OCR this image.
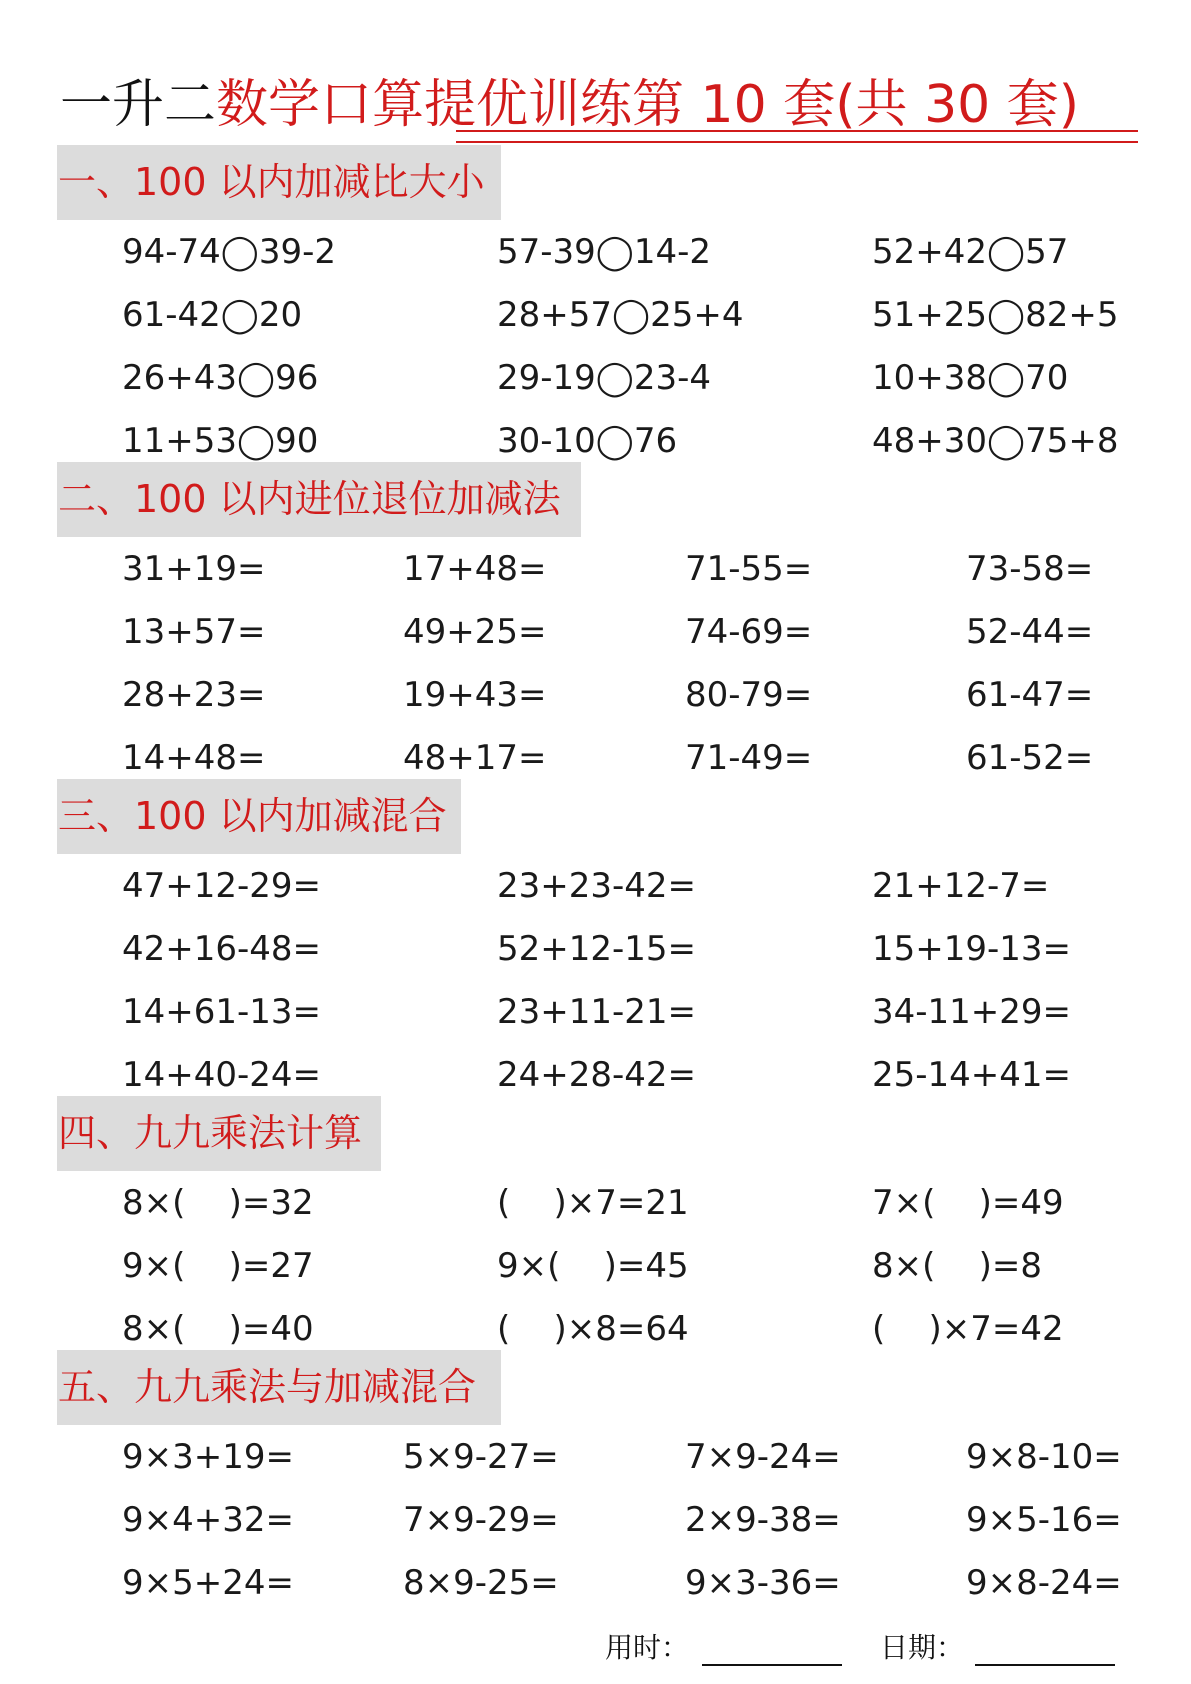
一升二数学口算提优训练第 10 套(共 30 套)
一、100 以内加减比大小
94-74◯39-2	57-39◯14-2	52+42◯57
61-42◯20	28+57◯25+4	51+25◯82+5
26+43◯96	29-19◯23-4	10+38◯70
11+53◯90	30-10◯76	48+30◯75+8
二、100 以内进位退位加减法
31+19=	17+48=	71-55=	73-58=
13+57=	49+25=	74-69=	52-44=
28+23=	19+43=	80-79=	61-47=
14+48=	48+17=	71-49=	61-52=
三、100 以内加减混合
47+12-29=	23+23-42=	21+12-7=
42+16-48=	52+12-15=	15+19-13=
14+61-13=	23+11-21=	34-11+29=
14+40-24=	24+28-42=	25-14+41=
四、九九乘法计算
8×(    )=32	(    )×7=21	7×(    )=49
9×(    )=27	9×(    )=45	8×(    )=8
8×(    )=40	(    )×8=64	(    )×7=42
五、九九乘法与加减混合
9×3+19=	5×9-27=	7×9-24=	9×8-10=
9×4+32=	7×9-29=	2×9-38=	9×5-16=
9×5+24=	8×9-25=	9×3-36=	9×8-24=
用时：	日期：
